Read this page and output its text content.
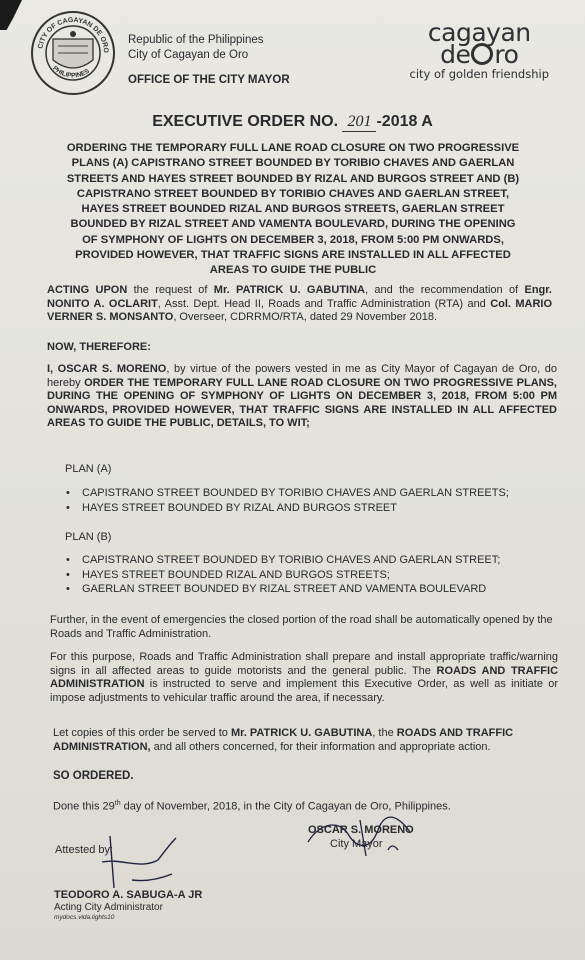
CITY OF CAGAYAN DE ORO
PHILIPPINES
Republic of the Philippines
City of Cagayan de Oro
OFFICE OF THE CITY MAYOR
cagayan
de ro
city of golden friendship
EXECUTIVE ORDER NO. 201 -2018 A
ORDERING THE TEMPORARY FULL LANE ROAD CLOSURE ON TWO PROGRESSIVE PLANS (A) CAPISTRANO STREET BOUNDED BY TORIBIO CHAVES AND GAERLAN STREETS AND HAYES STREET BOUNDED BY RIZAL AND BURGOS STREET AND (B) CAPISTRANO STREET BOUNDED BY TORIBIO CHAVES AND GAERLAN STREET, HAYES STREET BOUNDED RIZAL AND BURGOS STREETS, GAERLAN STREET BOUNDED BY RIZAL STREET AND VAMENTA BOULEVARD, DURING THE OPENING OF SYMPHONY OF LIGHTS ON DECEMBER 3, 2018, FROM 5:00 PM ONWARDS, PROVIDED HOWEVER, THAT TRAFFIC SIGNS ARE INSTALLED IN ALL AFFECTED AREAS TO GUIDE THE PUBLIC
ACTING UPON the request of Mr. PATRICK U. GABUTINA, and the recommendation of Engr. NONITO A. OCLARIT, Asst. Dept. Head II, Roads and Traffic Administration (RTA) and Col. MARIO VERNER S. MONSANTO, Overseer, CDRRMO/RTA, dated 29 November 2018.
NOW, THEREFORE:
I, OSCAR S. MORENO, by virtue of the powers vested in me as City Mayor of Cagayan de Oro, do hereby ORDER THE TEMPORARY FULL LANE ROAD CLOSURE ON TWO PROGRESSIVE PLANS, DURING THE OPENING OF SYMPHONY OF LIGHTS ON DECEMBER 3, 2018, FROM 5:00 PM ONWARDS, PROVIDED HOWEVER, THAT TRAFFIC SIGNS ARE INSTALLED IN ALL AFFECTED AREAS TO GUIDE THE PUBLIC, DETAILS, TO WIT;
PLAN (A)
• CAPISTRANO STREET BOUNDED BY TORIBIO CHAVES AND GAERLAN STREETS;
• HAYES STREET BOUNDED BY RIZAL AND BURGOS STREET
PLAN (B)
• CAPISTRANO STREET BOUNDED BY TORIBIO CHAVES AND GAERLAN STREET;
• HAYES STREET BOUNDED RIZAL AND BURGOS STREETS;
• GAERLAN STREET BOUNDED BY RIZAL STREET AND VAMENTA BOULEVARD
Further, in the event of emergencies the closed portion of the road shall be automatically opened by the Roads and Traffic Administration.
For this purpose, Roads and Traffic Administration shall prepare and install appropriate traffic/warning signs in all affected areas to guide motorists and the general public. The ROADS AND TRAFFIC ADMINISTRATION is instructed to serve and implement this Executive Order, as well as initiate or impose adjustments to vehicular traffic around the area, if necessary.
Let copies of this order be served to Mr. PATRICK U. GABUTINA, the ROADS AND TRAFFIC ADMINISTRATION, and all others concerned, for their information and appropriate action.
SO ORDERED.
Done this 29th day of November, 2018, in the City of Cagayan de Oro, Philippines.
OSCAR S. MORENO
City Mayor
Attested by:
TEODORO A. SABUGA-A JR
Acting City Administrator
mydocs.vida.lights10
